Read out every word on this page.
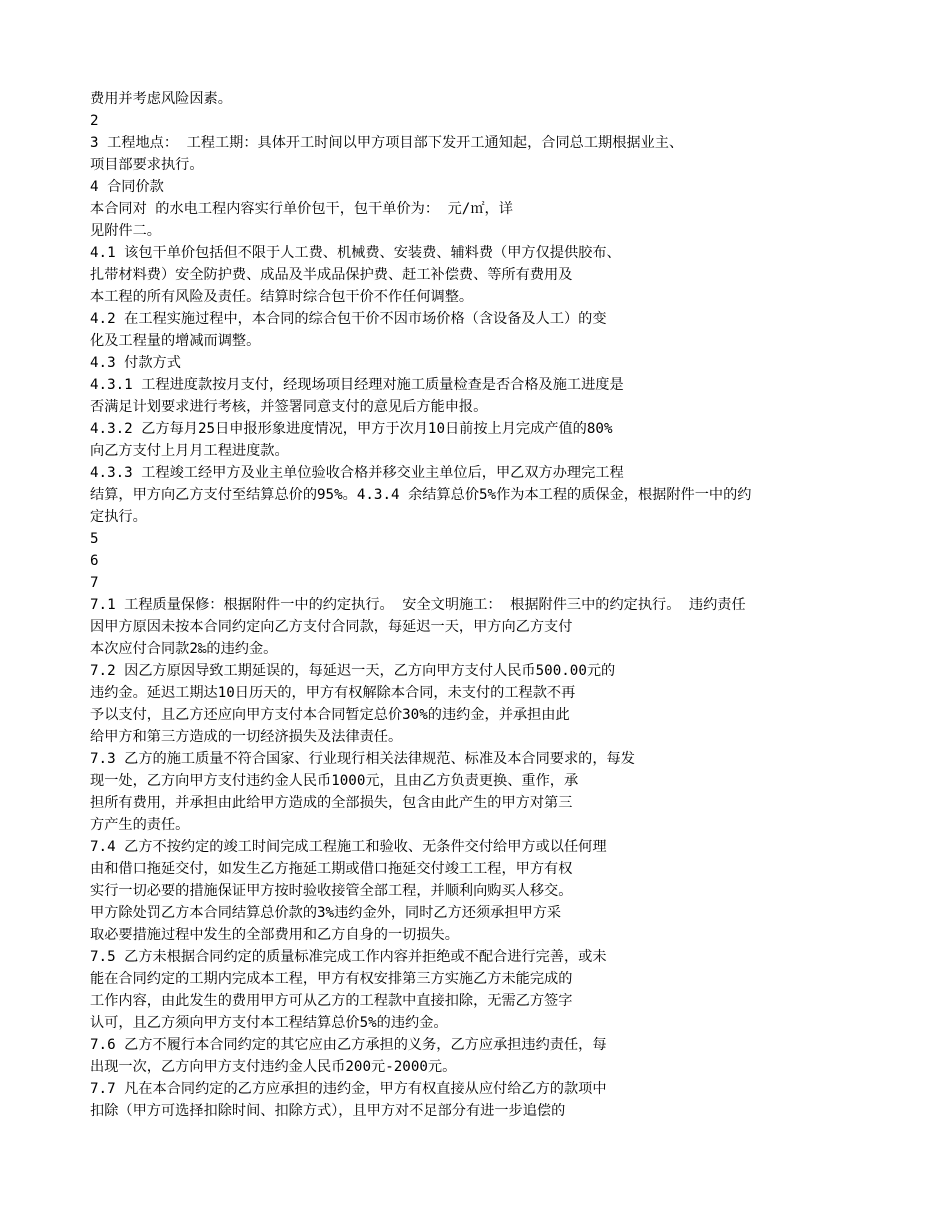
费用并考虑风险因素。
2
3 工程地点： 工程工期：具体开工时间以甲方项目部下发开工通知起，合同总工期根据业主、
项目部要求执行。
4 合同价款
本合同对 的水电工程内容实行单价包干，包干单价为： 元/㎡，详
见附件二。
4.1 该包干单价包括但不限于人工费、机械费、安装费、辅料费（甲方仅提供胶布、
扎带材料费）安全防护费、成品及半成品保护费、赶工补偿费、等所有费用及
本工程的所有风险及责任。结算时综合包干价不作任何调整。
4.2 在工程实施过程中，本合同的综合包干价不因市场价格（含设备及人工）的变
化及工程量的增减而调整。
4.3 付款方式
4.3.1 工程进度款按月支付，经现场项目经理对施工质量检查是否合格及施工进度是
否满足计划要求进行考核，并签署同意支付的意见后方能申报。
4.3.2 乙方每月25日申报形象进度情况，甲方于次月10日前按上月完成产值的80%
向乙方支付上月月工程进度款。
4.3.3 工程竣工经甲方及业主单位验收合格并移交业主单位后，甲乙双方办理完工程
结算，甲方向乙方支付至结算总价的95%。4.3.4 余结算总价5%作为本工程的质保金，根据附件一中的约
定执行。
5
6
7
7.1 工程质量保修：根据附件一中的约定执行。 安全文明施工： 根据附件三中的约定执行。 违约责任
因甲方原因未按本合同约定向乙方支付合同款，每延迟一天，甲方向乙方支付
本次应付合同款2‰的违约金。
7.2 因乙方原因导致工期延误的，每延迟一天，乙方向甲方支付人民币500.00元的
违约金。延迟工期达10日历天的，甲方有权解除本合同，未支付的工程款不再
予以支付，且乙方还应向甲方支付本合同暂定总价30%的违约金，并承担由此
给甲方和第三方造成的一切经济损失及法律责任。
7.3 乙方的施工质量不符合国家、行业现行相关法律规范、标准及本合同要求的，每发
现一处，乙方向甲方支付违约金人民币1000元，且由乙方负责更换、重作，承
担所有费用，并承担由此给甲方造成的全部损失，包含由此产生的甲方对第三
方产生的责任。
7.4 乙方不按约定的竣工时间完成工程施工和验收、无条件交付给甲方或以任何理
由和借口拖延交付，如发生乙方拖延工期或借口拖延交付竣工工程，甲方有权
实行一切必要的措施保证甲方按时验收接管全部工程，并顺利向购买人移交。
甲方除处罚乙方本合同结算总价款的3%违约金外，同时乙方还须承担甲方采
取必要措施过程中发生的全部费用和乙方自身的一切损失。
7.5 乙方未根据合同约定的质量标准完成工作内容并拒绝或不配合进行完善，或未
能在合同约定的工期内完成本工程，甲方有权安排第三方实施乙方未能完成的
工作内容，由此发生的费用甲方可从乙方的工程款中直接扣除，无需乙方签字
认可，且乙方须向甲方支付本工程结算总价5%的违约金。
7.6 乙方不履行本合同约定的其它应由乙方承担的义务，乙方应承担违约责任，每
出现一次，乙方向甲方支付违约金人民币200元-2000元。
7.7 凡在本合同约定的乙方应承担的违约金，甲方有权直接从应付给乙方的款项中
扣除（甲方可选择扣除时间、扣除方式），且甲方对不足部分有进一步追偿的
